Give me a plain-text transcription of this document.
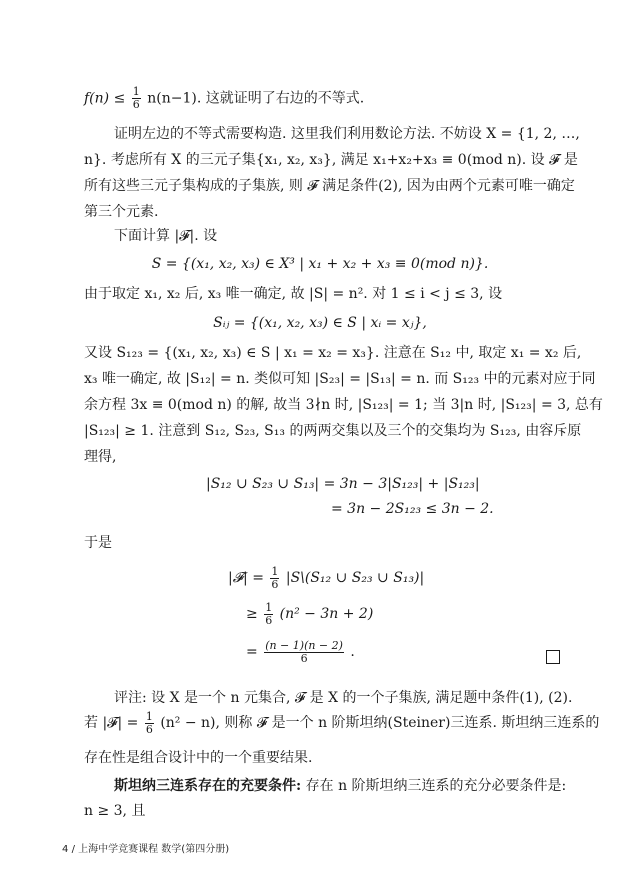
$f(n) \le \frac{1}{6} n(n-1)$. 这就证明了右边的不等式.
证明左边的不等式需要构造. 这里我们利用数论方法. 不妨设 X = {1, 2, …,
n}. 考虑所有 X 的三元子集{x₁, x₂, x₃}, 满足 x₁+x₂+x₃ ≡ 0(mod n). 设 𝓕 是
所有这些三元子集构成的子集族, 则 𝓕 满足条件(2), 因为由两个元素可唯一确定
第三个元素.
下面计算 |𝓕|. 设
S = {(x₁, x₂, x₃) ∈ X³ | x₁ + x₂ + x₃ ≡ 0(mod n)}.
由于取定 x₁, x₂ 后, x₃ 唯一确定, 故 |S| = n². 对 1 ≤ i < j ≤ 3, 设
Sᵢⱼ = {(x₁, x₂, x₃) ∈ S | xᵢ = xⱼ},
又设 S₁₂₃ = {(x₁, x₂, x₃) ∈ S | x₁ = x₂ = x₃}. 注意在 S₁₂ 中, 取定 x₁ = x₂ 后,
x₃ 唯一确定, 故 |S₁₂| = n. 类似可知 |S₂₃| = |S₁₃| = n. 而 S₁₂₃ 中的元素对应于同
余方程 3x ≡ 0(mod n) 的解, 故当 3∤n 时, |S₁₂₃| = 1; 当 3|n 时, |S₁₂₃| = 3, 总有
|S₁₂₃| ≥ 1. 注意到 S₁₂, S₂₃, S₁₃ 的两两交集以及三个的交集均为 S₁₂₃, 由容斥原
理得,
|S₁₂ ∪ S₂₃ ∪ S₁₃| = 3n − 3|S₁₂₃| + |S₁₂₃|
= 3n − 2S₁₂₃ ≤ 3n − 2.
于是
|𝓕| = $\frac{1}{6}$ |S\(S₁₂ ∪ S₂₃ ∪ S₁₃)|
≥ $\frac{1}{6} (n^2 - 3n + 2)$
= $\frac{(n - 1)(n - 2)}{6}$ .
评注: 设 X 是一个 n 元集合, 𝓕 是 X 的一个子集族, 满足题中条件(1), (2).
若 |𝓕| = $\frac{1}{6} (n^2 - n)$, 则称 𝓕 是一个 n 阶斯坦纳(Steiner)三连系. 斯坦纳三连系的
存在性是组合设计中的一个重要结果.
斯坦纳三连系存在的充要条件: 存在 n 阶斯坦纳三连系的充分必要条件是:
n ≥ 3, 且
4 / 上海中学竞赛课程 数学(第四分册)
